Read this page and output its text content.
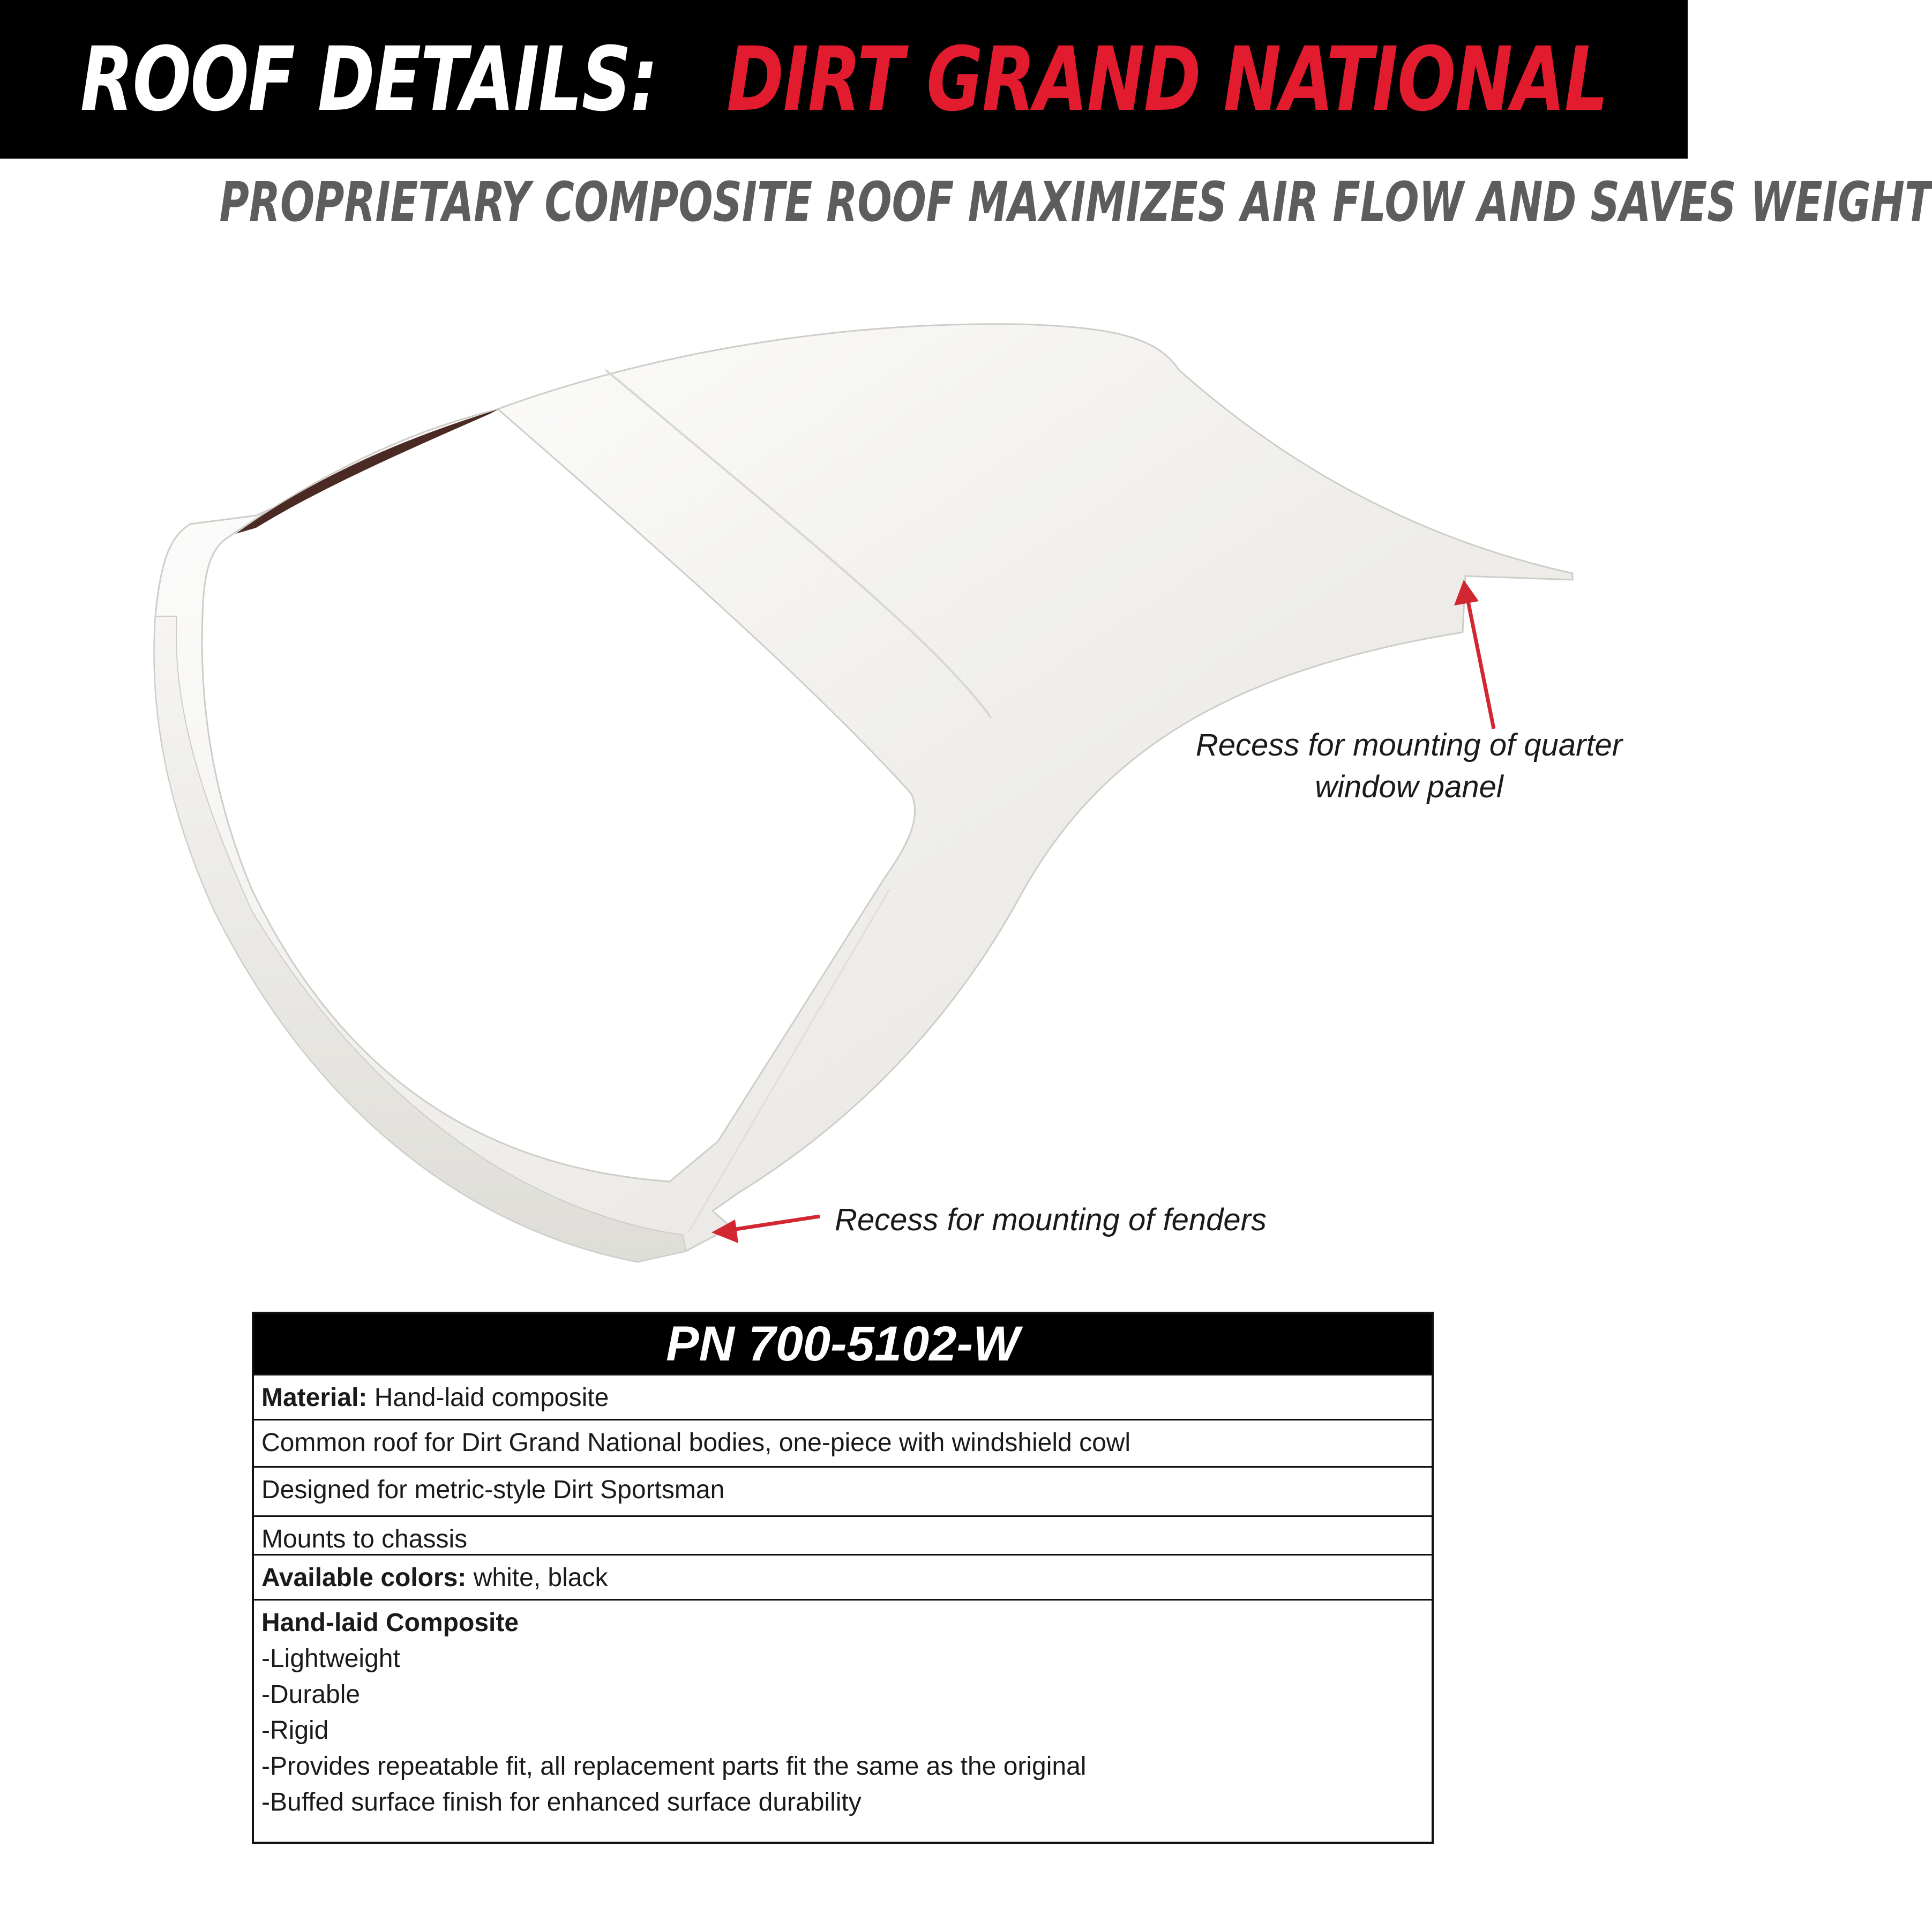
ROOF DETAILS: DIRT GRAND NATIONAL
PROPRIETARY COMPOSITE ROOF MAXIMIZES AIR FLOW AND SAVES WEIGHT
Recess for mounting of quarter
window panel
Recess for mounting of fenders
PN 700-5102-W
Material: Hand-laid composite
Common roof for Dirt Grand National bodies, one-piece with windshield cowl
Designed for metric-style Dirt Sportsman
Mounts to chassis
Available colors: white, black
Hand-laid Composite
-Lightweight
-Durable
-Rigid
-Provides repeatable fit, all replacement parts fit the same as the original
-Buffed surface finish for enhanced surface durability
